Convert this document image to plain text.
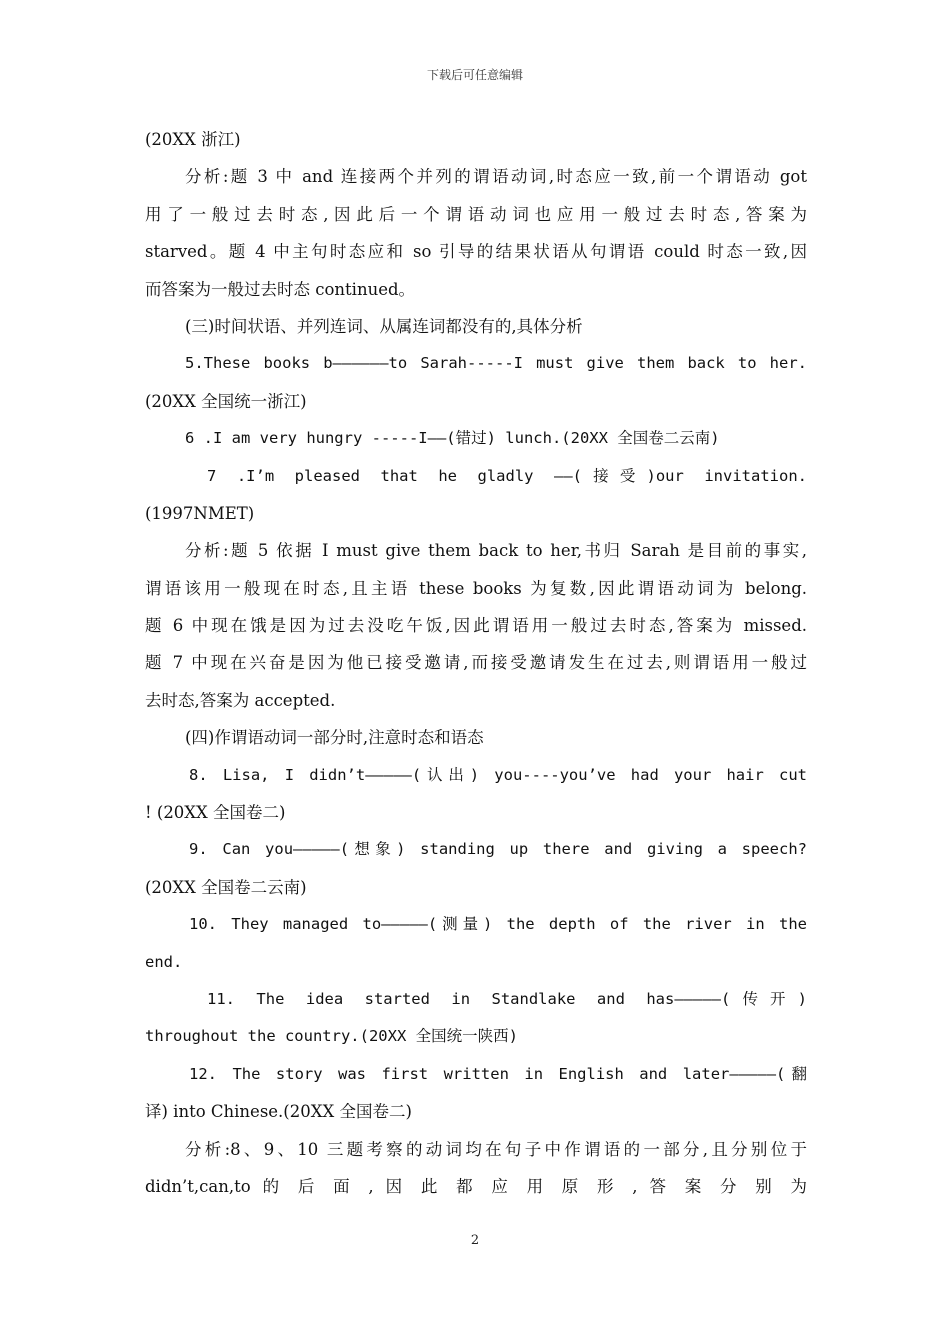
下载后可任意编辑
(20XX 浙江)
分析:题 3 中 and 连接两个并列的谓语动词,时态应一致,前一个谓语动 got
用 了 一 般 过 去 时 态 , 因 此 后 一 个 谓 语 动 词 也 应 用 一 般 过 去 时 态 , 答 案 为
starved。题 4 中主句时态应和 so 引导的结果状语从句谓语 could 时态一致,因
而答案为一般过去时态 continued。
(三)时间状语、并列连词、从属连词都没有的,具体分析
5.These books b——————to Sarah-----I must give them back to her.
(20XX 全国统一浙江)
6 .I am very hungry -----I——(错过) lunch.(20XX 全国卷二云南)
7 .I’m pleased that he gladly ——(接受)our invitation.
(1997NMET)
分析:题 5 依据 I must give them back to her,书归 Sarah 是目前的事实,
谓语该用一般现在时态,且主语 these books 为复数,因此谓语动词为 belong.
题 6 中现在饿是因为过去没吃午饭,因此谓语用一般过去时态,答案为 missed.
题 7 中现在兴奋是因为他已接受邀请,而接受邀请发生在过去,则谓语用一般过
去时态,答案为 accepted.
(四)作谓语动词一部分时,注意时态和语态
8. Lisa, I didn’t—————(认出) you----you’ve had your hair cut
! (20XX 全国卷二)
9. Can you—————(想象) standing up there and giving a speech?
(20XX 全国卷二云南)
10. They managed to—————(测量) the depth of the river in the
end.
11. The idea started in Standlake and has—————(传开)
throughout the country.(20XX 全国统一陕西)
12. The story was first written in English and later—————(翻
译) into Chinese.(20XX 全国卷二)
分析:8、9、10 三题考察的动词均在句子中作谓语的一部分,且分别位于
didn’t,can,to 的 后 面 , 因 此 都 应 用 原 形 , 答 案 分 别 为
2
